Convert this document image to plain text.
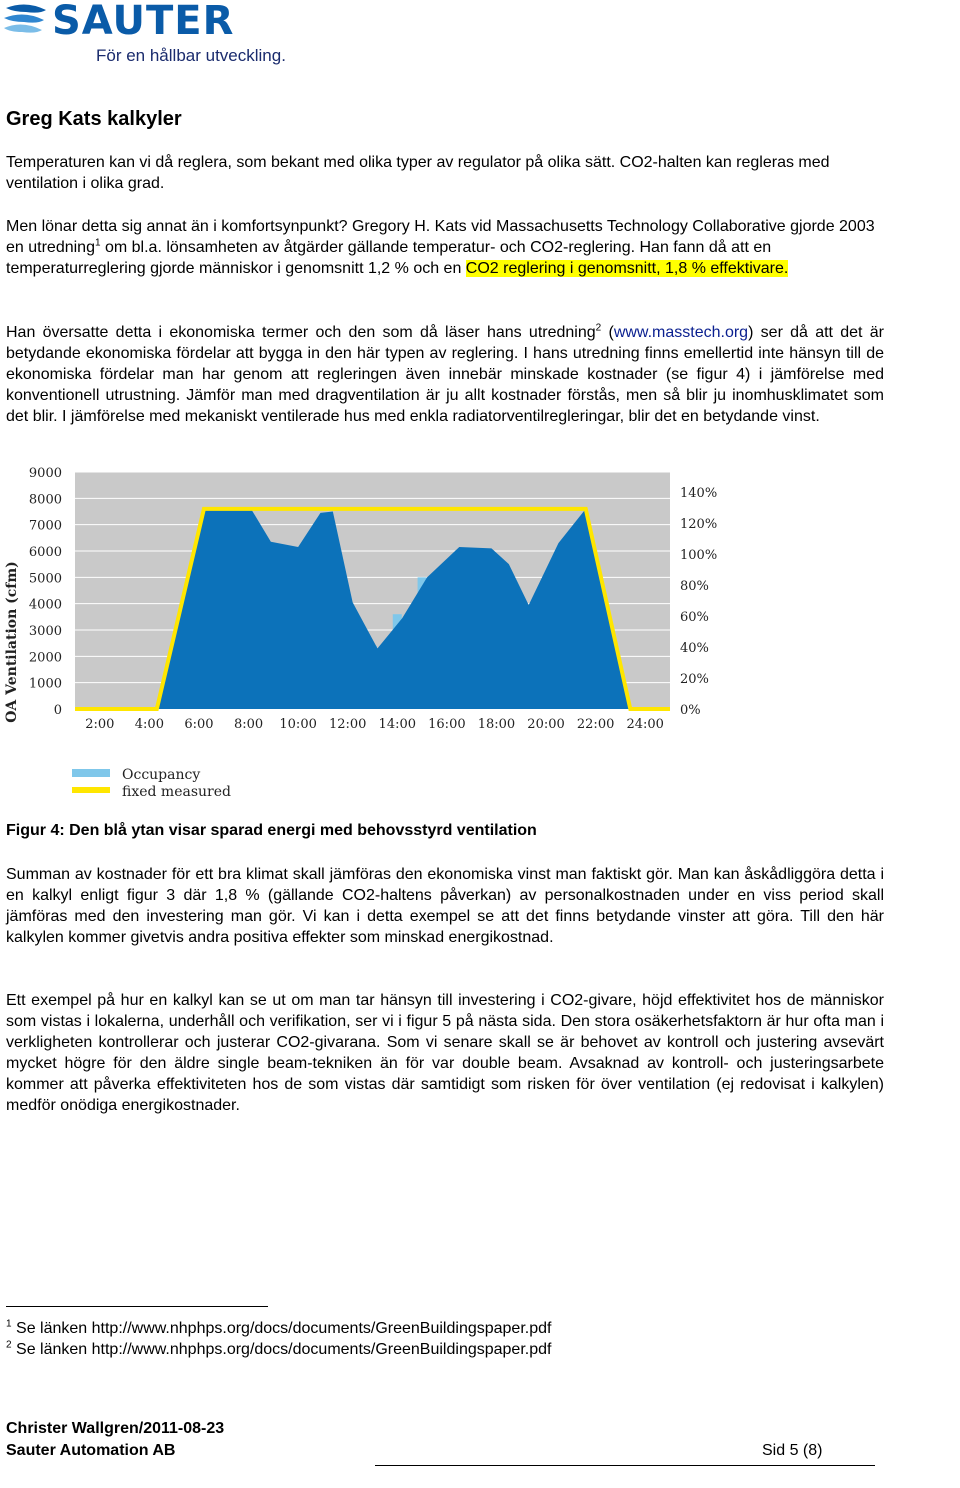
SAUTER
För en hållbar utveckling.
Greg Kats kalkyler

Temperaturen kan vi då reglera, som bekant med olika typer av regulator på olika sätt. CO2-halten kan regleras med ventilation i olika grad.

Men lönar detta sig annat än i komfortsynpunkt? Gregory H. Kats vid Massachusetts Technology Collaborative gjorde 2003 en utredning$^1$ om bl.a. lönsamheten av åtgärder gällande temperatur- och CO2-reglering. Han fann då att en temperaturreglering gjorde människor i genomsnitt 1,2 % och en CO2 reglering i genomsnitt, 1,8 % effektivare.

Han översatte detta i ekonomiska termer och den som då läser hans utredning$^2$ (www.masstech.org) ser då att det är betydande ekonomiska fördelar att bygga in den här typen av reglering. I hans utredning finns emellertid inte hänsyn till de ekonomiska fördelar man har genom att regleringen även innebär minskade kostnader (se figur 4) i jämförelse med konventionell utrustning. Jämför man med dragventilation är ju allt kostnader förstås, men så blir ju inomhusklimatet som det blir. I jämförelse med mekaniskt ventilerade hus med enkla radiatorventilregleringar, blir det en betydande vinst.

9000
8000
7000
6000
5000
4000
3000
2000
1000
0
140%
120%
100%
80%
60%
40%
20%
0%
2:00 4:00 6:00 8:00 10:00 12:00 14:00 16:00 18:00 20:00 22:00 24:00
OA Ventilation (cfm)
Occupancy
fixed measured
Figur 4: Den blå ytan visar sparad energi med behovsstyrd ventilation

Summan av kostnader för ett bra klimat skall jämföras den ekonomiska vinst man faktiskt gör. Man kan åskådliggöra detta i en kalkyl enligt figur 3 där 1,8 % (gällande CO2-haltens påverkan) av personalkostnaden under en viss period skall jämföras med den investering man gör. Vi kan i detta exempel se att det finns betydande vinster att göra. Till den här kalkylen kommer givetvis andra positiva effekter som minskad energikostnad.

Ett exempel på hur en kalkyl kan se ut om man tar hänsyn till investering i CO2-givare, höjd effektivitet hos de människor som vistas i lokalerna, underhåll och verifikation, ser vi i figur 5 på nästa sida. Den stora osäkerhetsfaktorn är hur ofta man i verkligheten kontrollerar och justerar CO2-givarana. Som vi senare skall se är behovet av kontroll och justering avsevärt mycket högre för den äldre single beam-tekniken än för var double beam. Avsaknad av kontroll- och justeringsarbete kommer att påverka effektiviteten hos de som vistas där samtidigt som risken för över ventilation (ej redovisat i kalkylen) medför onödiga energikostnader.

$^1$ Se länken http://www.nhphps.org/docs/documents/GreenBuildingspaper.pdf
$^2$ Se länken http://www.nhphps.org/docs/documents/GreenBuildingspaper.pdf
Christer Wallgren/2011-08-23
Sauter Automation AB	Sid 5 (8)
